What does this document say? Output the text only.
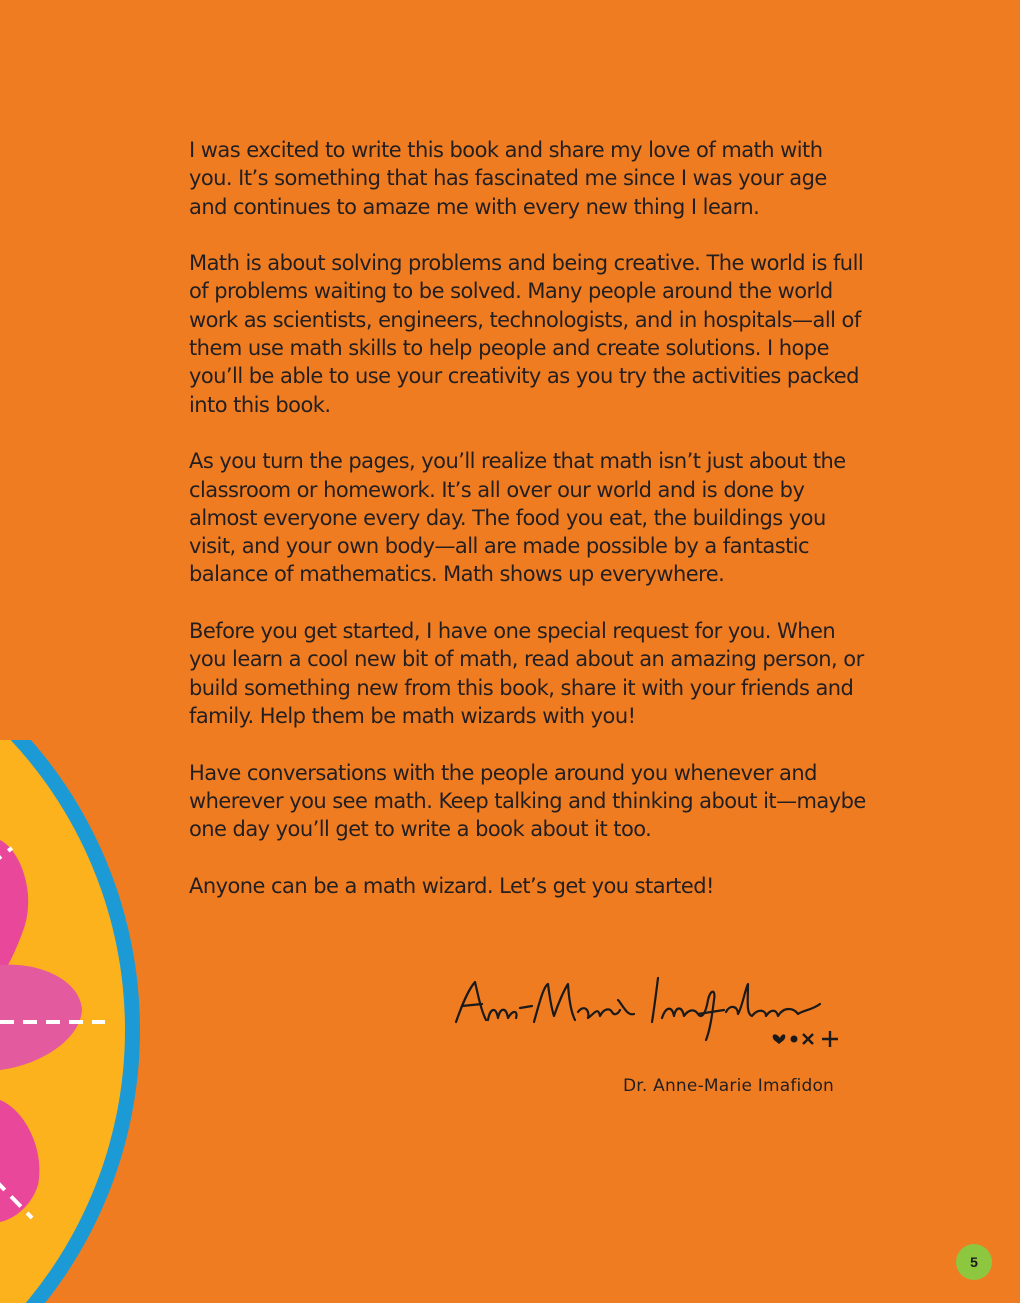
I was excited to write this book and share my love of math with you. It’s something that has fascinated me since I was your age and continues to amaze me with every new thing I learn.

Math is about solving problems and being creative. The world is full of problems waiting to be solved. Many people around the world work as scientists, engineers, technologists, and in hospitals—all of them use math skills to help people and create solutions. I hope you’ll be able to use your creativity as you try the activities packed into this book.

As you turn the pages, you’ll realize that math isn’t just about the classroom or homework. It’s all over our world and is done by almost everyone every day. The food you eat, the buildings you visit, and your own body—all are made possible by a fantastic balance of mathematics. Math shows up everywhere.

Before you get started, I have one special request for you. When you learn a cool new bit of math, read about an amazing person, or build something new from this book, share it with your friends and family. Help them be math wizards with you!

Have conversations with the people around you whenever and wherever you see math. Keep talking and thinking about it—maybe one day you’ll get to write a book about it too.

Anyone can be a math wizard. Let’s get you started!

Dr. Anne-Marie Imafidon
5
